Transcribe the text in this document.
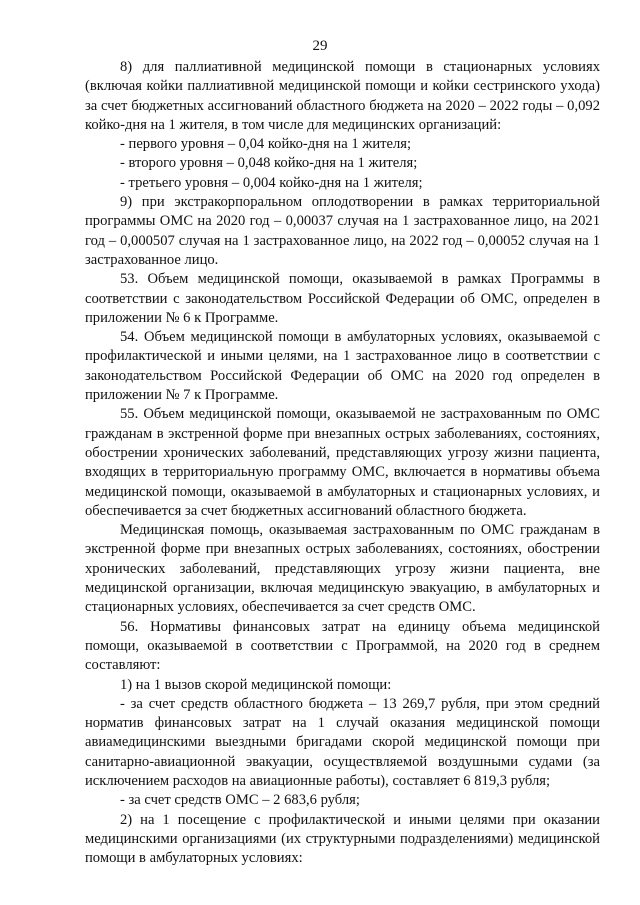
29

8) для паллиативной медицинской помощи в стационарных условиях (включая койки паллиативной медицинской помощи и койки сестринского ухода) за счет бюджетных ассигнований областного бюджета на 2020 – 2022 годы – 0,092 койко-дня на 1 жителя, в том числе для медицинских организаций:

- первого уровня – 0,04 койко-дня на 1 жителя;

- второго уровня – 0,048 койко-дня на 1 жителя;

- третьего уровня – 0,004 койко-дня на 1 жителя;

9) при экстракорпоральном оплодотворении в рамках территориальной программы ОМС на 2020 год – 0,00037 случая на 1 застрахованное лицо, на 2021 год – 0,000507 случая на 1 застрахованное лицо, на 2022 год – 0,00052 случая на 1 застрахованное лицо.

53. Объем медицинской помощи, оказываемой в рамках Программы в соответствии с законодательством Российской Федерации об ОМС, определен в приложении № 6 к Программе.

54. Объем медицинской помощи в амбулаторных условиях, оказываемой с профилактической и иными целями, на 1 застрахованное лицо в соответствии с законодательством Российской Федерации об ОМС на 2020 год определен в приложении № 7 к Программе.

55. Объем медицинской помощи, оказываемой не застрахованным по ОМС гражданам в экстренной форме при внезапных острых заболеваниях, состояниях, обострении хронических заболеваний, представляющих угрозу жизни пациента, входящих в территориальную программу ОМС, включается в нормативы объема медицинской помощи, оказываемой в амбулаторных и стационарных условиях, и обеспечивается за счет бюджетных ассигнований областного бюджета.

Медицинская помощь, оказываемая застрахованным по ОМС гражданам в экстренной форме при внезапных острых заболеваниях, состояниях, обострении хронических заболеваний, представляющих угрозу жизни пациента, вне медицинской организации, включая медицинскую эвакуацию, в амбулаторных и стационарных условиях, обеспечивается за счет средств ОМС.

56. Нормативы финансовых затрат на единицу объема медицинской помощи, оказываемой в соответствии с Программой, на 2020 год в среднем составляют:

1) на 1 вызов скорой медицинской помощи:

- за счет средств областного бюджета – 13 269,7 рубля, при этом средний норматив финансовых затрат на 1 случай оказания медицинской помощи авиамедицинскими выездными бригадами скорой медицинской помощи при санитарно-авиационной эвакуации, осуществляемой воздушными судами (за исключением расходов на авиационные работы), составляет 6 819,3 рубля;

- за счет средств ОМС – 2 683,6 рубля;

2) на 1 посещение с профилактической и иными целями при оказании медицинскими организациями (их структурными подразделениями) медицинской помощи в амбулаторных условиях:
